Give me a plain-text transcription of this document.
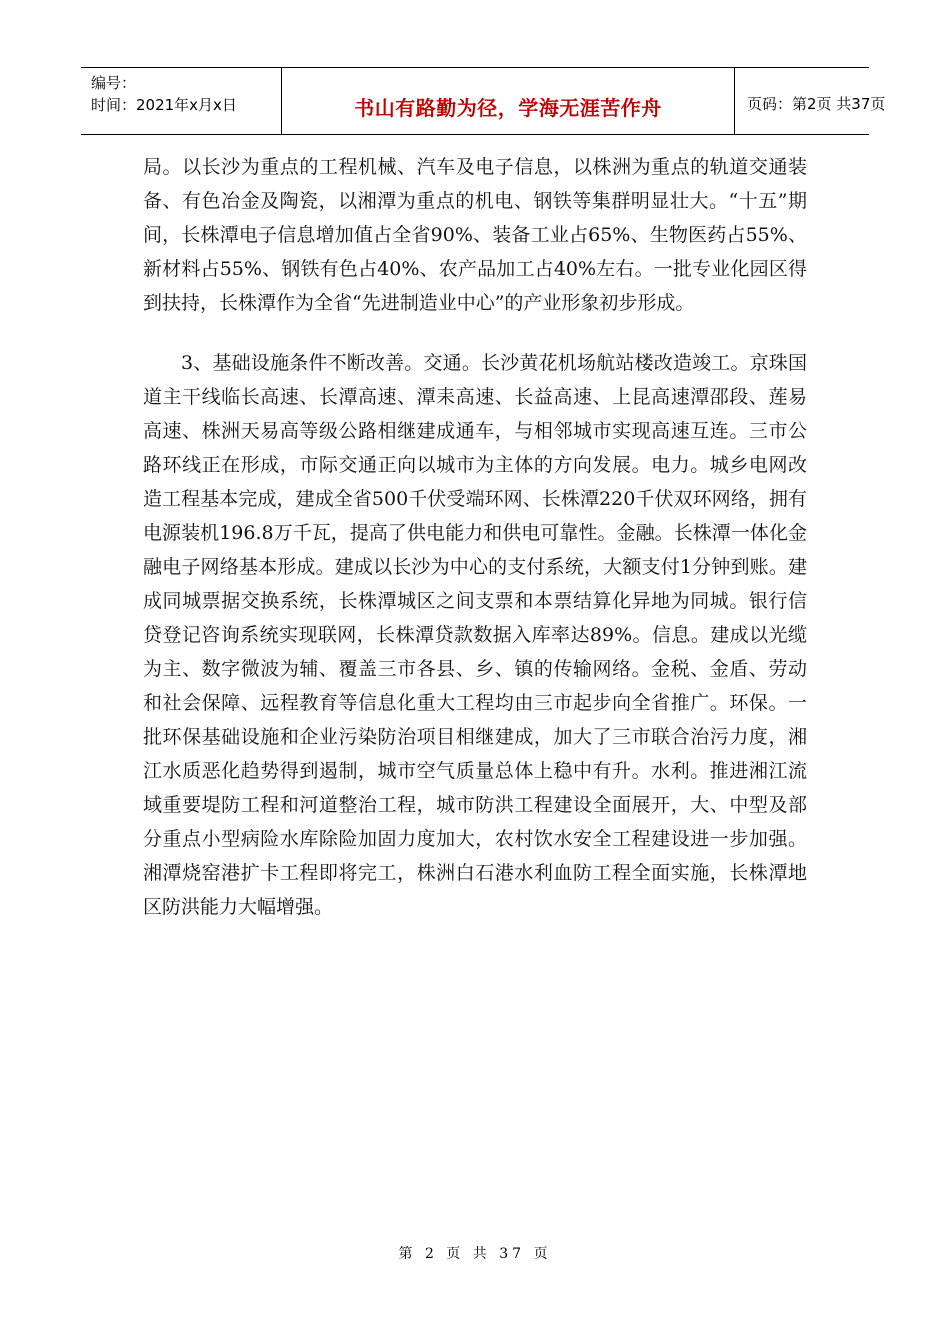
编号：
时间：2021年x月x日	书山有路勤为径，学海无涯苦作舟	页码：第2页 共37页

局。以长沙为重点的工程机械、汽车及电子信息，以株洲为重点的轨道交通装备、有色冶金及陶瓷，以湘潭为重点的机电、钢铁等集群明显壮大。“十五”期间，长株潭电子信息增加值占全省90%、装备工业占65%、生物医药占55%、新材料占55%、钢铁有色占40%、农产品加工占40%左右。一批专业化园区得到扶持，长株潭作为全省“先进制造业中心”的产业形象初步形成。

3、基础设施条件不断改善。交通。长沙黄花机场航站楼改造竣工。京珠国道主干线临长高速、长潭高速、潭耒高速、长益高速、上昆高速潭邵段、莲易高速、株洲天易高等级公路相继建成通车，与相邻城市实现高速互连。三市公路环线正在形成，市际交通正向以城市为主体的方向发展。电力。城乡电网改造工程基本完成，建成全省500千伏受端环网、长株潭220千伏双环网络，拥有电源装机196.8万千瓦，提高了供电能力和供电可靠性。金融。长株潭一体化金融电子网络基本形成。建成以长沙为中心的支付系统，大额支付1分钟到账。建成同城票据交换系统，长株潭城区之间支票和本票结算化异地为同城。银行信贷登记咨询系统实现联网，长株潭贷款数据入库率达89%。信息。建成以光缆为主、数字微波为辅、覆盖三市各县、乡、镇的传输网络。金税、金盾、劳动和社会保障、远程教育等信息化重大工程均由三市起步向全省推广。环保。一批环保基础设施和企业污染防治项目相继建成，加大了三市联合治污力度，湘江水质恶化趋势得到遏制，城市空气质量总体上稳中有升。水利。推进湘江流域重要堤防工程和河道整治工程，城市防洪工程建设全面展开，大、中型及部分重点小型病险水库除险加固力度加大，农村饮水安全工程建设进一步加强。湘潭烧窑港扩卡工程即将完工，株洲白石港水利血防工程全面实施，长株潭地区防洪能力大幅增强。

第 2 页 共 37 页
